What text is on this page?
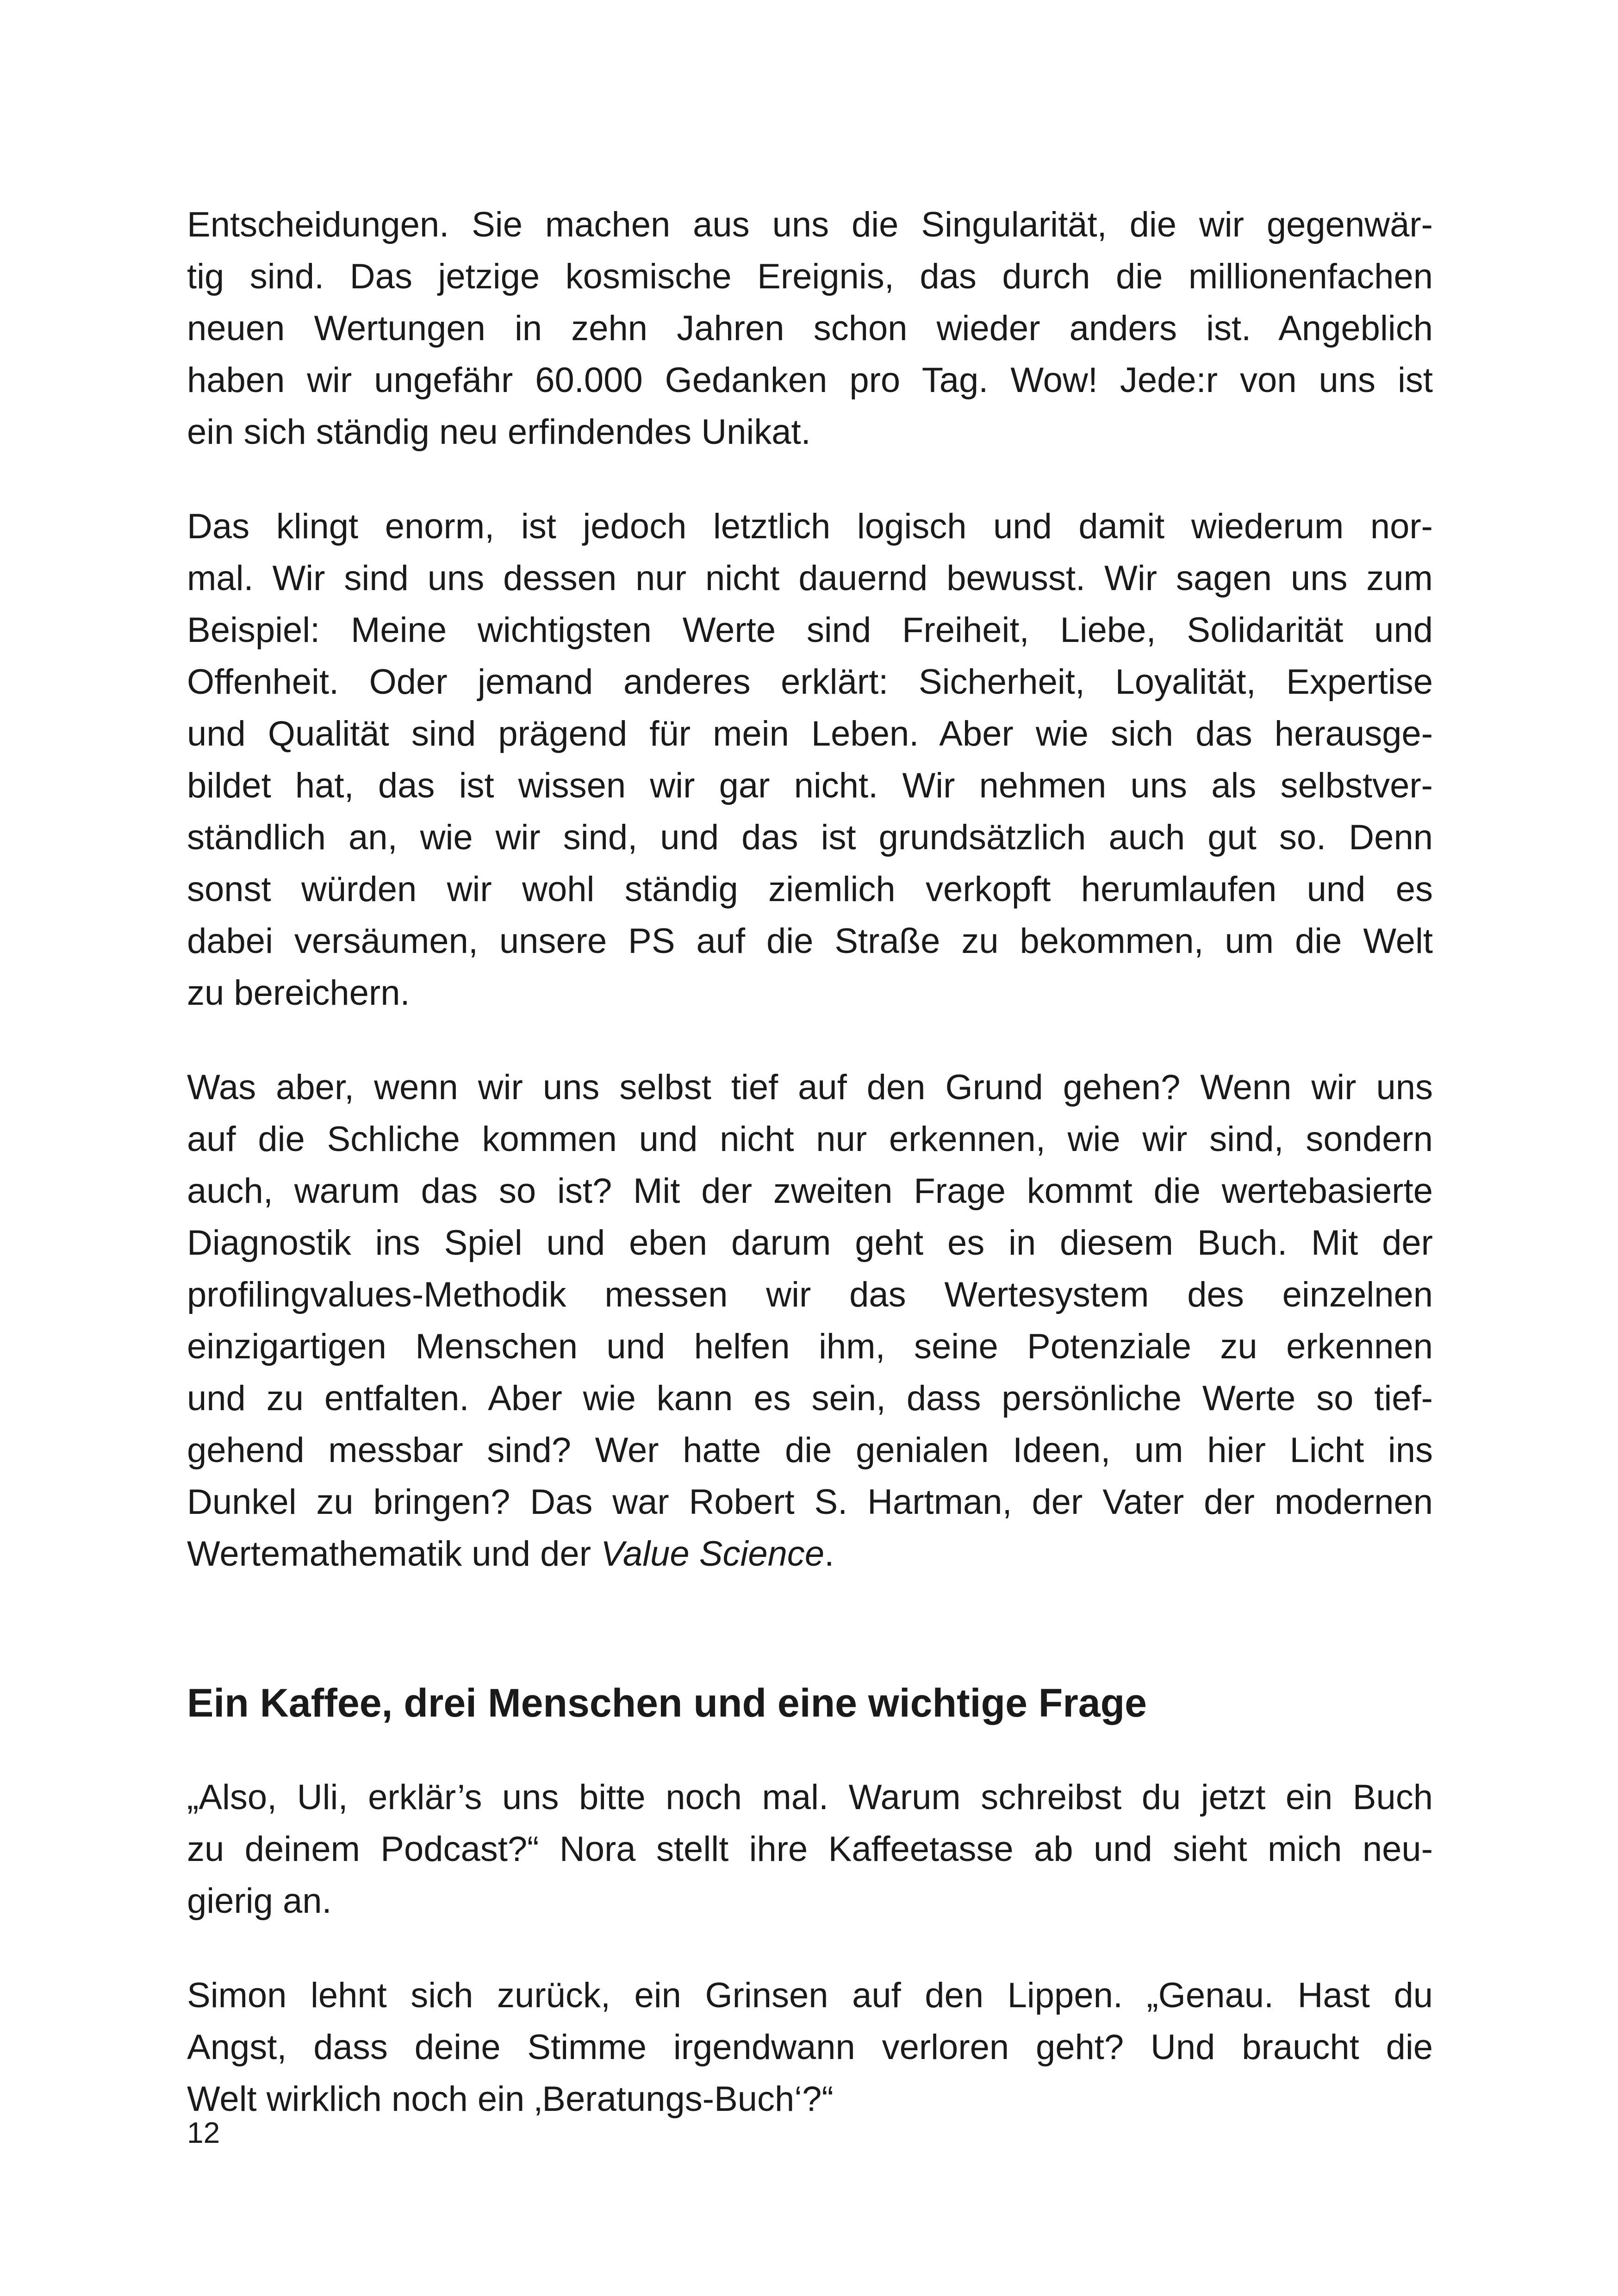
Entscheidungen. Sie machen aus uns die Singularität, die wir gegenwär-
tig sind. Das jetzige kosmische Ereignis, das durch die millionenfachen
neuen Wertungen in zehn Jahren schon wieder anders ist. Angeblich
haben wir ungefähr 60.000 Gedanken pro Tag. Wow! Jede:r von uns ist
ein sich ständig neu erfindendes Unikat.

Das klingt enorm, ist jedoch letztlich logisch und damit wiederum nor-
mal. Wir sind uns dessen nur nicht dauernd bewusst. Wir sagen uns zum
Beispiel: Meine wichtigsten Werte sind Freiheit, Liebe, Solidarität und
Offenheit. Oder jemand anderes erklärt: Sicherheit, Loyalität, Expertise
und Qualität sind prägend für mein Leben. Aber wie sich das herausge-
bildet hat, das ist wissen wir gar nicht. Wir nehmen uns als selbstver-
ständlich an, wie wir sind, und das ist grundsätzlich auch gut so. Denn
sonst würden wir wohl ständig ziemlich verkopft herumlaufen und es
dabei versäumen, unsere PS auf die Straße zu bekommen, um die Welt
zu bereichern.

Was aber, wenn wir uns selbst tief auf den Grund gehen? Wenn wir uns
auf die Schliche kommen und nicht nur erkennen, wie wir sind, sondern
auch, warum das so ist? Mit der zweiten Frage kommt die wertebasierte
Diagnostik ins Spiel und eben darum geht es in diesem Buch. Mit der
profilingvalues-Methodik messen wir das Wertesystem des einzelnen
einzigartigen Menschen und helfen ihm, seine Potenziale zu erkennen
und zu entfalten. Aber wie kann es sein, dass persönliche Werte so tief-
gehend messbar sind? Wer hatte die genialen Ideen, um hier Licht ins
Dunkel zu bringen? Das war Robert S. Hartman, der Vater der modernen
Wertemathematik und der Value Science.

Ein Kaffee, drei Menschen und eine wichtige Frage

„Also, Uli, erklär’s uns bitte noch mal. Warum schreibst du jetzt ein Buch
zu deinem Podcast?“ Nora stellt ihre Kaffeetasse ab und sieht mich neu-
gierig an.

Simon lehnt sich zurück, ein Grinsen auf den Lippen. „Genau. Hast du
Angst, dass deine Stimme irgendwann verloren geht? Und braucht die
Welt wirklich noch ein ‚Beratungs-Buch‘?“

12
